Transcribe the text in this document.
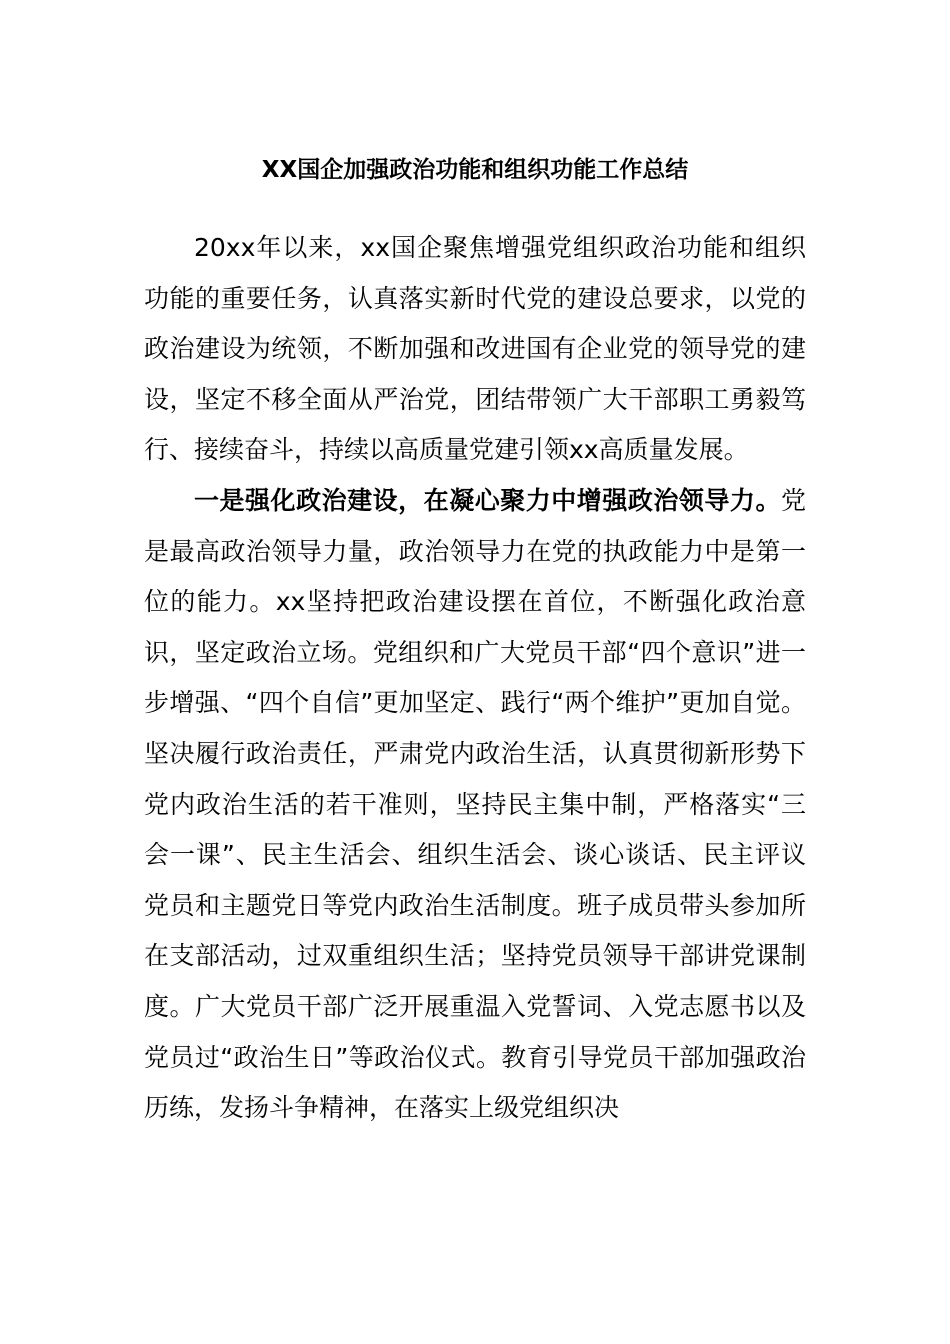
XX国企加强政治功能和组织功能工作总结

20xx年以来，xx国企聚焦增强党组织政治功能和组织功能的重要任务，认真落实新时代党的建设总要求，以党的政治建设为统领，不断加强和改进国有企业党的领导党的建设，坚定不移全面从严治党，团结带领广大干部职工勇毅笃行、接续奋斗，持续以高质量党建引领xx高质量发展。

一是强化政治建设，在凝心聚力中增强政治领导力。党是最高政治领导力量，政治领导力在党的执政能力中是第一位的能力。xx坚持把政治建设摆在首位，不断强化政治意识，坚定政治立场。党组织和广大党员干部“四个意识”进一步增强、“四个自信”更加坚定、践行“两个维护”更加自觉。坚决履行政治责任，严肃党内政治生活，认真贯彻新形势下党内政治生活的若干准则，坚持民主集中制，严格落实“三会一课”、民主生活会、组织生活会、谈心谈话、民主评议党员和主题党日等党内政治生活制度。班子成员带头参加所在支部活动，过双重组织生活；坚持党员领导干部讲党课制度。广大党员干部广泛开展重温入党誓词、入党志愿书以及党员过“政治生日”等政治仪式。教育引导党员干部加强政治历练，发扬斗争精神，在落实上级党组织决
